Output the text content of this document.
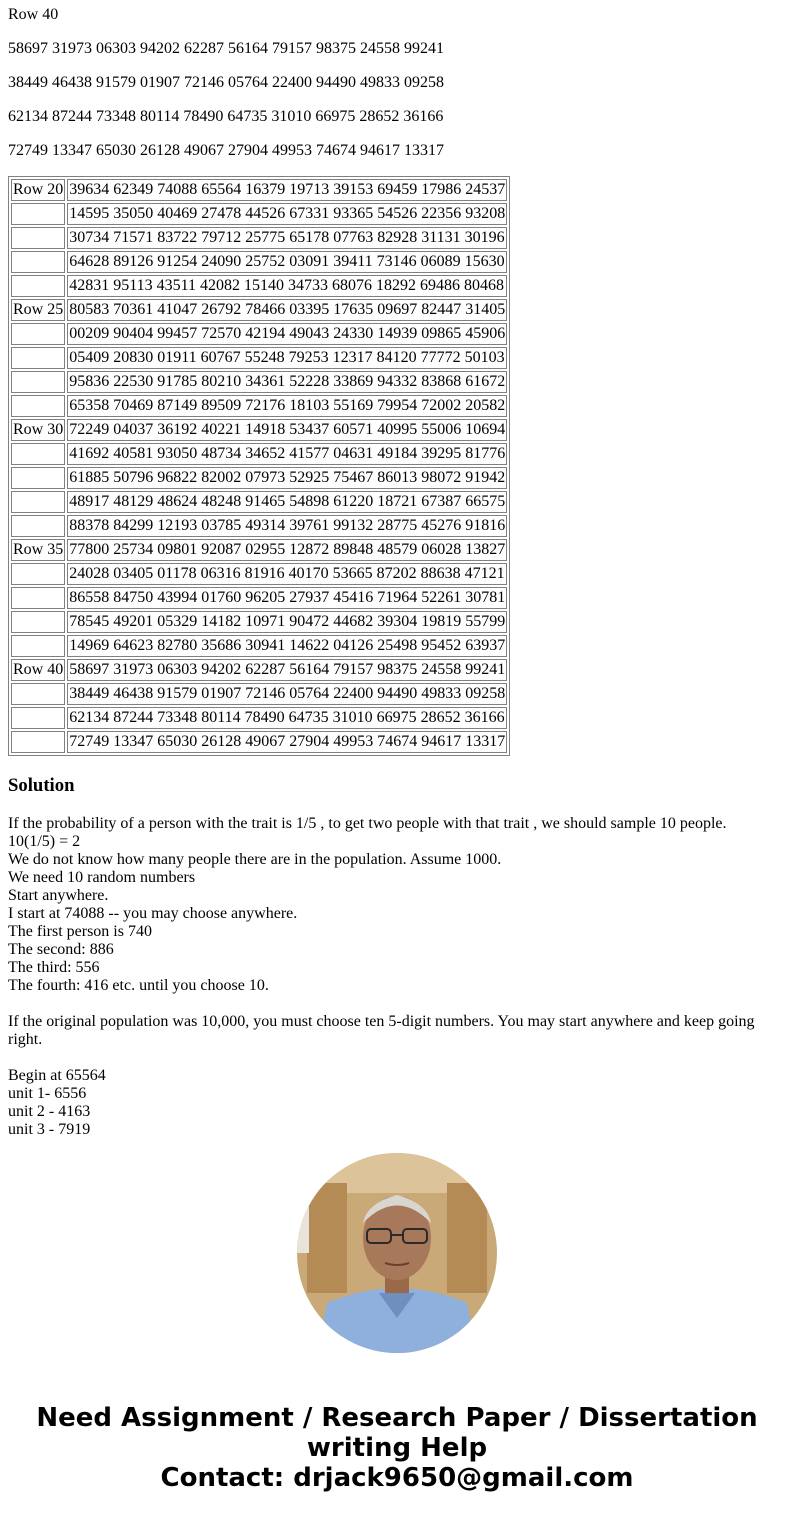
Row 40

58697 31973 06303 94202 62287 56164 79157 98375 24558 99241

38449 46438 91579 01907 72146 05764 22400 94490 49833 09258

62134 87244 73348 80114 78490 64735 31010 66975 28652 36166

72749 13347 65030 26128 49067 27904 49953 74674 94617 13317

Row 20	39634 62349 74088 65564 16379 19713 39153 69459 17986 24537
	14595 35050 40469 27478 44526 67331 93365 54526 22356 93208
	30734 71571 83722 79712 25775 65178 07763 82928 31131 30196
	64628 89126 91254 24090 25752 03091 39411 73146 06089 15630
	42831 95113 43511 42082 15140 34733 68076 18292 69486 80468
Row 25	80583 70361 41047 26792 78466 03395 17635 09697 82447 31405
	00209 90404 99457 72570 42194 49043 24330 14939 09865 45906
	05409 20830 01911 60767 55248 79253 12317 84120 77772 50103
	95836 22530 91785 80210 34361 52228 33869 94332 83868 61672
	65358 70469 87149 89509 72176 18103 55169 79954 72002 20582
Row 30	72249 04037 36192 40221 14918 53437 60571 40995 55006 10694
	41692 40581 93050 48734 34652 41577 04631 49184 39295 81776
	61885 50796 96822 82002 07973 52925 75467 86013 98072 91942
	48917 48129 48624 48248 91465 54898 61220 18721 67387 66575
	88378 84299 12193 03785 49314 39761 99132 28775 45276 91816
Row 35	77800 25734 09801 92087 02955 12872 89848 48579 06028 13827
	24028 03405 01178 06316 81916 40170 53665 87202 88638 47121
	86558 84750 43994 01760 96205 27937 45416 71964 52261 30781
	78545 49201 05329 14182 10971 90472 44682 39304 19819 55799
	14969 64623 82780 35686 30941 14622 04126 25498 95452 63937
Row 40	58697 31973 06303 94202 62287 56164 79157 98375 24558 99241
	38449 46438 91579 01907 72146 05764 22400 94490 49833 09258
	62134 87244 73348 80114 78490 64735 31010 66975 28652 36166
	72749 13347 65030 26128 49067 27904 49953 74674 94617 13317
Solution
If the probability of a person with the trait is 1/5 , to get two people with that trait , we should sample 10 people.
10(1/5) = 2
We do not know how many people there are in the population. Assume 1000.
We need 10 random numbers
Start anywhere.
I start at 74088 -- you may choose anywhere.
The first person is 740
The second: 886
The third: 556
The fourth: 416 etc. until you choose 10.
If the original population was 10,000, you must choose ten 5-digit numbers. You may start anywhere and keep going right.
Begin at 65564
unit 1- 6556
unit 2 - 4163
unit 3 - 7919
Need Assignment / Research Paper / Dissertation writing Help
Contact: drjack9650@gmail.com
